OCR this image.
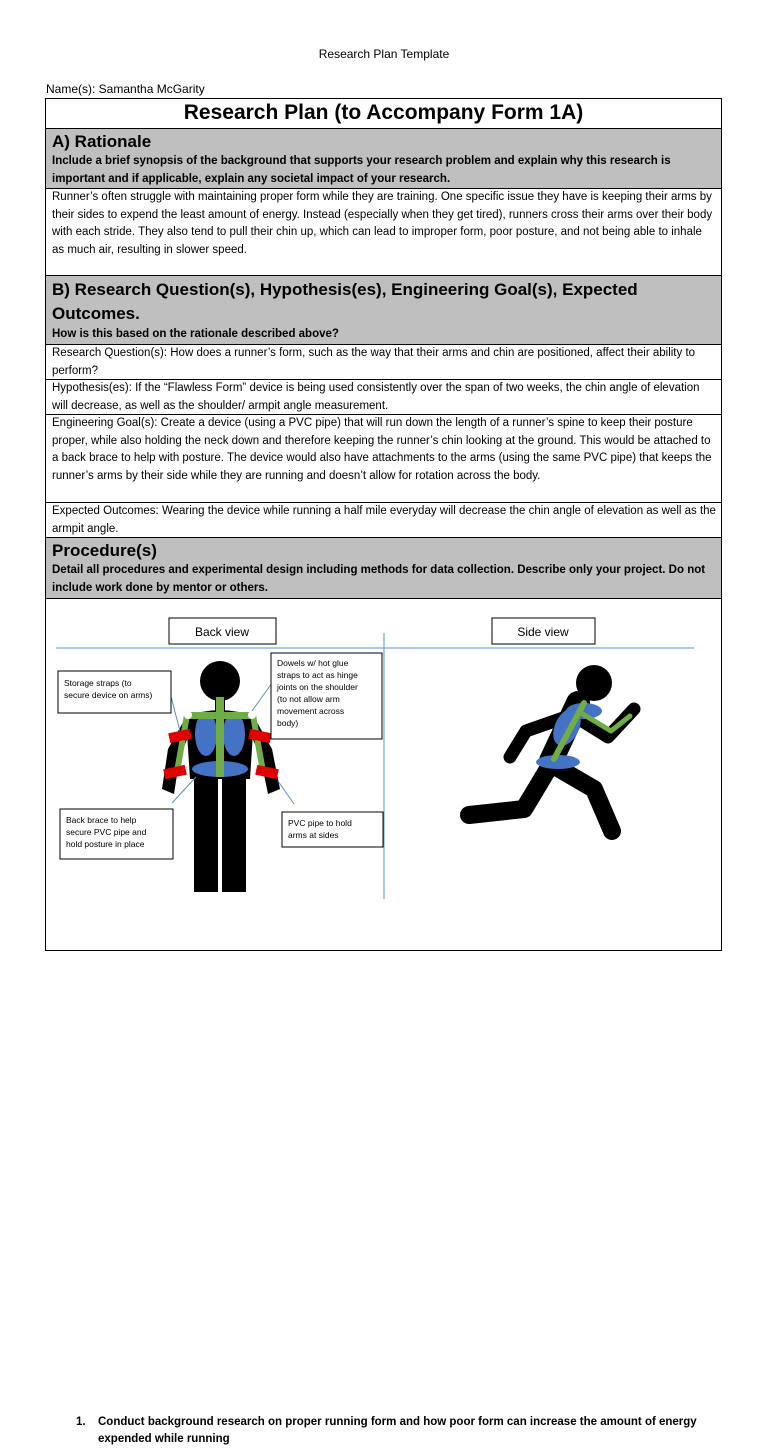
Research Plan Template
Name(s): Samantha McGarity
Research Plan (to Accompany Form 1A)
A) Rationale
Include a brief synopsis of the background that supports your research problem and explain why this research is important and if applicable, explain any societal impact of your research.
Runner’s often struggle with maintaining proper form while they are training. One specific issue they have is keeping their arms by their sides to expend the least amount of energy. Instead (especially when they get tired), runners cross their arms over their body with each stride. They also tend to pull their chin up, which can lead to improper form, poor posture, and not being able to inhale as much air, resulting in slower speed.
B) Research Question(s), Hypothesis(es), Engineering Goal(s), Expected Outcomes.
How is this based on the rationale described above?
Research Question(s): How does a runner’s form, such as the way that their arms and chin are positioned, affect their ability to perform?
Hypothesis(es): If the “Flawless Form” device is being used consistently over the span of two weeks, the chin angle of elevation will decrease, as well as the shoulder/ armpit angle measurement.
Engineering Goal(s): Create a device (using a PVC pipe) that will run down the length of a runner’s spine to keep their posture proper, while also holding the neck down and therefore keeping the runner’s chin looking at the ground. This would be attached to a back brace to help with posture. The device would also have attachments to the arms (using the same PVC pipe) that keeps the runner’s arms by their side while they are running and doesn’t allow for rotation across the body.
Expected Outcomes: Wearing the device while running a half mile everyday will decrease the chin angle of elevation as well as the armpit angle.
Procedure(s)
Detail all procedures and experimental design including methods for data collection. Describe only your project. Do not include work done by mentor or others.
Back view	Side view
Storage straps (to
secure device on arms)
Dowels w/ hot glue
straps to act as hinge
joints on the shoulder
(to not allow arm
movement across
body)
Back brace to help
secure PVC pipe and
hold posture in place
PVC pipe to hold
arms at sides
1. Conduct background research on proper running form and how poor form can increase the amount of energy expended while running
